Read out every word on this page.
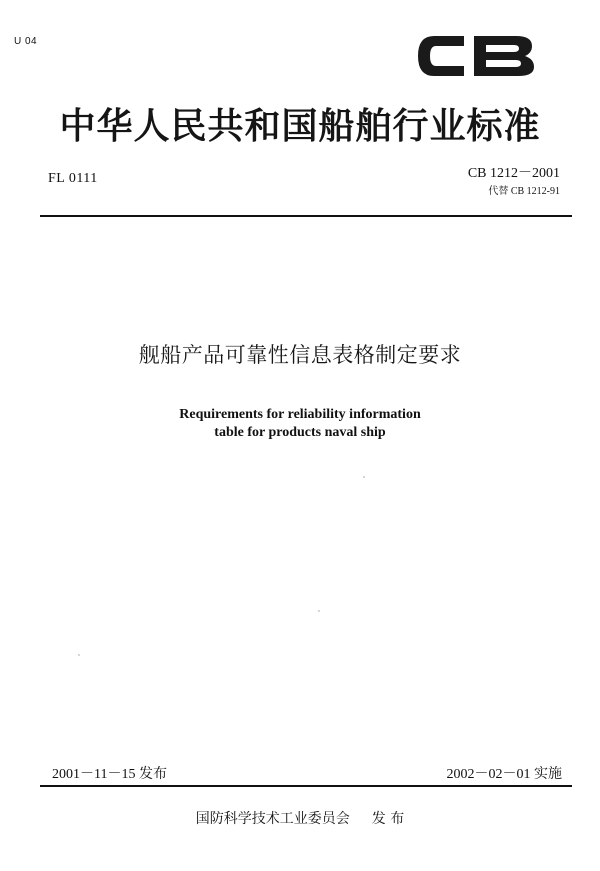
U 04
中华人民共和国船舶行业标准
FL 0111	CB 1212－2001
代替 CB 1212-91
舰船产品可靠性信息表格制定要求
Requirements for reliability information
table for products naval ship
2001－11－15 发布	2002－02－01 实施
国防科学技术工业委员会 发 布
